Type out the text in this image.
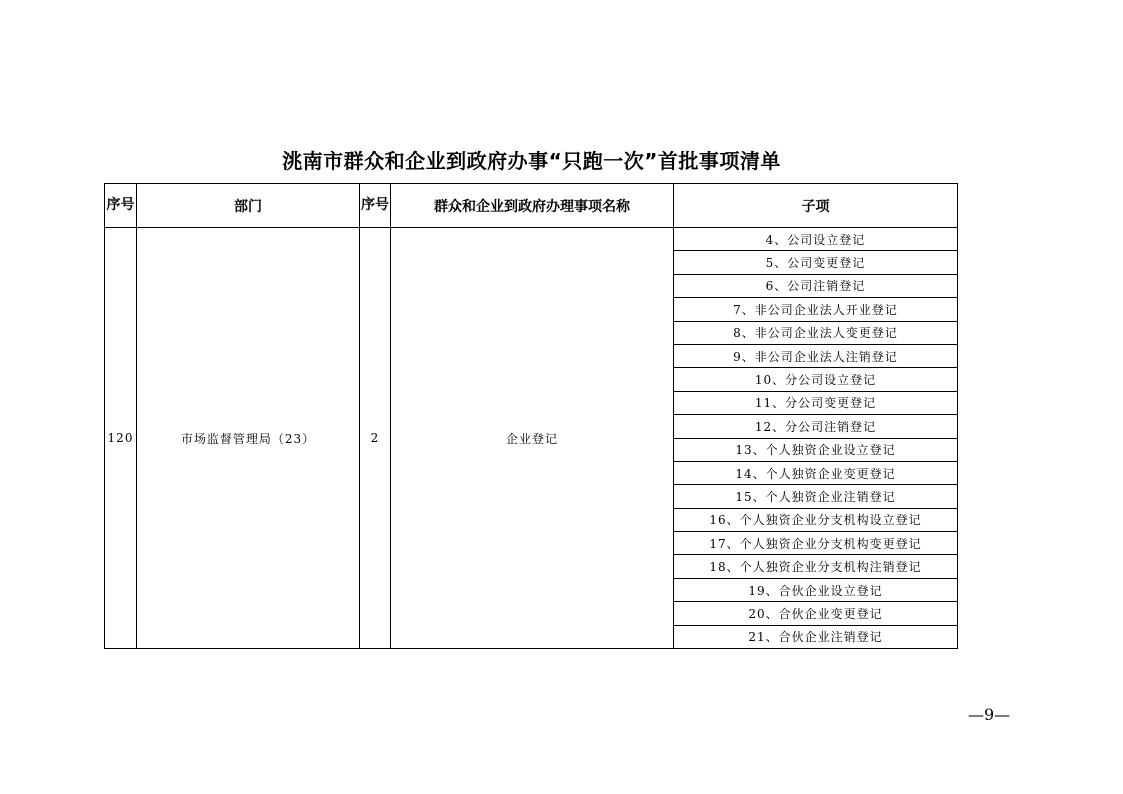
洮南市群众和企业到政府办事“只跑一次”首批事项清单
序号	部门	序号	群众和企业到政府办理事项名称	子项
120	市场监督管理局（23）	2	企业登记	4、公司设立登记
				5、公司变更登记
				6、公司注销登记
				7、非公司企业法人开业登记
				8、非公司企业法人变更登记
				9、非公司企业法人注销登记
				10、分公司设立登记
				11、分公司变更登记
				12、分公司注销登记
				13、个人独资企业设立登记
				14、个人独资企业变更登记
				15、个人独资企业注销登记
				16、个人独资企业分支机构设立登记
				17、个人独资企业分支机构变更登记
				18、个人独资企业分支机构注销登记
				19、合伙企业设立登记
				20、合伙企业变更登记
				21、合伙企业注销登记
—9—
